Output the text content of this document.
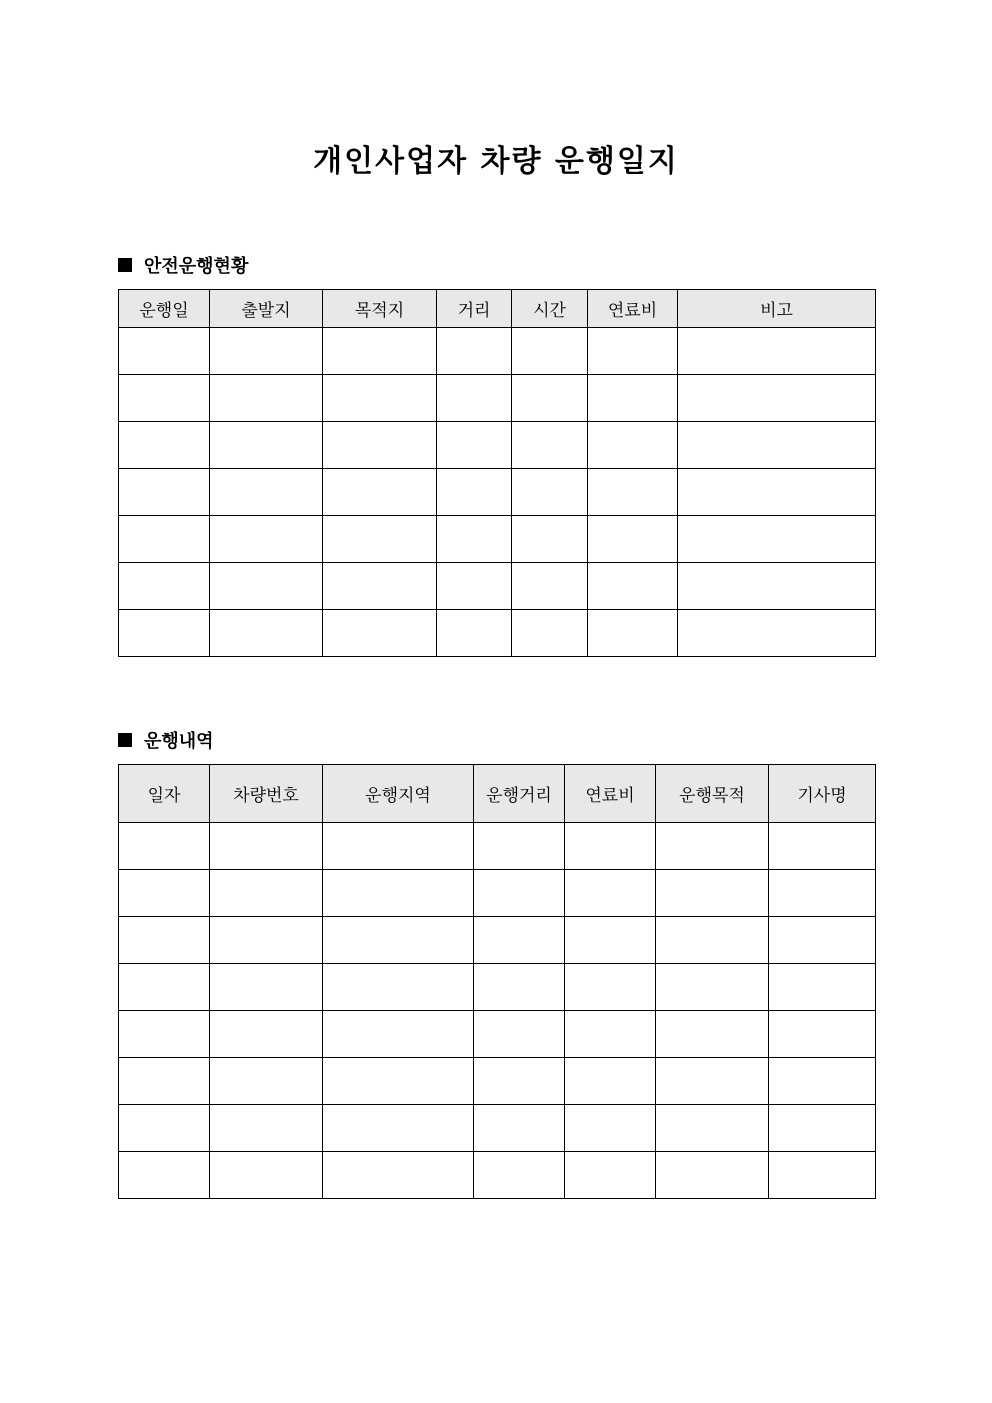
개인사업자 차량 운행일지
안전운행현황
운행일	출발지	목적지	거리	시간	연료비	비고

운행내역
일자	차량번호	운행지역	운행거리	연료비	운행목적	기사명
